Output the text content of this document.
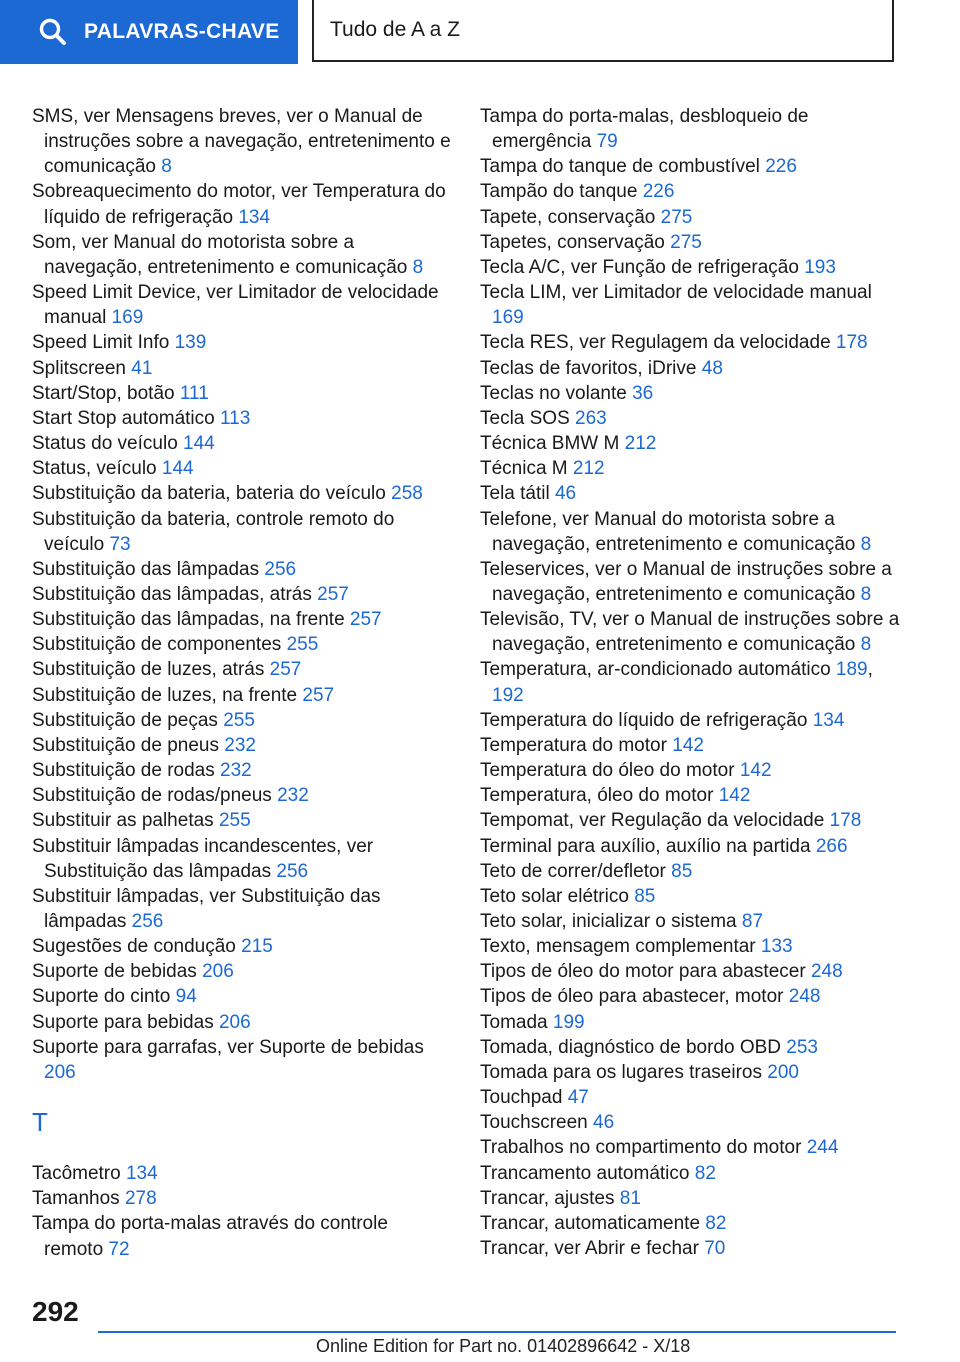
PALAVRAS-CHAVE Tudo de A a Z
SMS, ver Mensagens breves, ver o Manual de instruções sobre a navegação, entretenimento e comunicação 8
Sobreaquecimento do motor, ver Temperatura do líquido de refrigeração 134
Som, ver Manual do motorista sobre a navegação, entretenimento e comunicação 8
Speed Limit Device, ver Limitador de velocidade manual 169
Speed Limit Info 139
Splitscreen 41
Start/Stop, botão 111
Start Stop automático 113
Status do veículo 144
Status, veículo 144
Substituição da bateria, bateria do veículo 258
Substituição da bateria, controle remoto do veículo 73
Substituição das lâmpadas 256
Substituição das lâmpadas, atrás 257
Substituição das lâmpadas, na frente 257
Substituição de componentes 255
Substituição de luzes, atrás 257
Substituição de luzes, na frente 257
Substituição de peças 255
Substituição de pneus 232
Substituição de rodas 232
Substituição de rodas/pneus 232
Substituir as palhetas 255
Substituir lâmpadas incandescentes, ver Substituição das lâmpadas 256
Substituir lâmpadas, ver Substituição das lâmpadas 256
Sugestões de condução 215
Suporte de bebidas 206
Suporte do cinto 94
Suporte para bebidas 206
Suporte para garrafas, ver Suporte de bebidas 206
T
Tacômetro 134
Tamanhos 278
Tampa do porta-malas através do controle remoto 72
Tampa do porta-malas, desbloqueio de emergência 79
Tampa do tanque de combustível 226
Tampão do tanque 226
Tapete, conservação 275
Tapetes, conservação 275
Tecla A/C, ver Função de refrigeração 193
Tecla LIM, ver Limitador de velocidade manual 169
Tecla RES, ver Regulagem da velocidade 178
Teclas de favoritos, iDrive 48
Teclas no volante 36
Tecla SOS 263
Técnica BMW M 212
Técnica M 212
Tela tátil 46
Telefone, ver Manual do motorista sobre a navegação, entretenimento e comunicação 8
Teleservices, ver o Manual de instruções sobre a navegação, entretenimento e comunicação 8
Televisão, TV, ver o Manual de instruções sobre a navegação, entretenimento e comunicação 8
Temperatura, ar-condicionado automático 189, 192
Temperatura do líquido de refrigeração 134
Temperatura do motor 142
Temperatura do óleo do motor 142
Temperatura, óleo do motor 142
Tempomat, ver Regulação da velocidade 178
Terminal para auxílio, auxílio na partida 266
Teto de correr/defletor 85
Teto solar elétrico 85
Teto solar, inicializar o sistema 87
Texto, mensagem complementar 133
Tipos de óleo do motor para abastecer 248
Tipos de óleo para abastecer, motor 248
Tomada 199
Tomada, diagnóstico de bordo OBD 253
Tomada para os lugares traseiros 200
Touchpad 47
Touchscreen 46
Trabalhos no compartimento do motor 244
Trancamento automático 82
Trancar, ajustes 81
Trancar, automaticamente 82
Trancar, ver Abrir e fechar 70
292
Online Edition for Part no. 01402896642 - X/18
